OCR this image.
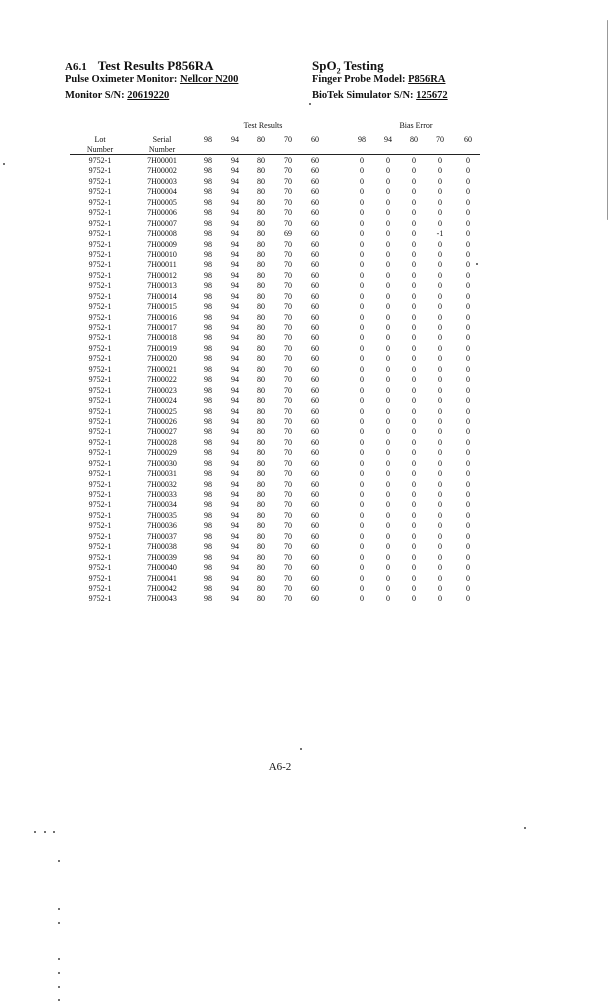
A6.1 Test Results P856RA	SpO$_2$ Testing
Pulse Oximeter Monitor: Nellcor N200	Finger Probe Model: P856RA
Monitor S/N: 20619220	BioTek Simulator S/N: 125672
Test Results	Bias Error
Lot
Number
Serial
Number
98	94	80	70	60	98	94	80	70	60
9752-1	7H00001	98	94	80	70	60	0	0	0	0	0
9752-1	7H00002	98	94	80	70	60	0	0	0	0	0
9752-1	7H00003	98	94	80	70	60	0	0	0	0	0
9752-1	7H00004	98	94	80	70	60	0	0	0	0	0
9752-1	7H00005	98	94	80	70	60	0	0	0	0	0
9752-1	7H00006	98	94	80	70	60	0	0	0	0	0
9752-1	7H00007	98	94	80	70	60	0	0	0	0	0
9752-1	7H00008	98	94	80	69	60	0	0	0	-1	0
9752-1	7H00009	98	94	80	70	60	0	0	0	0	0
9752-1	7H00010	98	94	80	70	60	0	0	0	0	0
9752-1	7H00011	98	94	80	70	60	0	0	0	0	0
9752-1	7H00012	98	94	80	70	60	0	0	0	0	0
9752-1	7H00013	98	94	80	70	60	0	0	0	0	0
9752-1	7H00014	98	94	80	70	60	0	0	0	0	0
9752-1	7H00015	98	94	80	70	60	0	0	0	0	0
9752-1	7H00016	98	94	80	70	60	0	0	0	0	0
9752-1	7H00017	98	94	80	70	60	0	0	0	0	0
9752-1	7H00018	98	94	80	70	60	0	0	0	0	0
9752-1	7H00019	98	94	80	70	60	0	0	0	0	0
9752-1	7H00020	98	94	80	70	60	0	0	0	0	0
9752-1	7H00021	98	94	80	70	60	0	0	0	0	0
9752-1	7H00022	98	94	80	70	60	0	0	0	0	0
9752-1	7H00023	98	94	80	70	60	0	0	0	0	0
9752-1	7H00024	98	94	80	70	60	0	0	0	0	0
9752-1	7H00025	98	94	80	70	60	0	0	0	0	0
9752-1	7H00026	98	94	80	70	60	0	0	0	0	0
9752-1	7H00027	98	94	80	70	60	0	0	0	0	0
9752-1	7H00028	98	94	80	70	60	0	0	0	0	0
9752-1	7H00029	98	94	80	70	60	0	0	0	0	0
9752-1	7H00030	98	94	80	70	60	0	0	0	0	0
9752-1	7H00031	98	94	80	70	60	0	0	0	0	0
9752-1	7H00032	98	94	80	70	60	0	0	0	0	0
9752-1	7H00033	98	94	80	70	60	0	0	0	0	0
9752-1	7H00034	98	94	80	70	60	0	0	0	0	0
9752-1	7H00035	98	94	80	70	60	0	0	0	0	0
9752-1	7H00036	98	94	80	70	60	0	0	0	0	0
9752-1	7H00037	98	94	80	70	60	0	0	0	0	0
9752-1	7H00038	98	94	80	70	60	0	0	0	0	0
9752-1	7H00039	98	94	80	70	60	0	0	0	0	0
9752-1	7H00040	98	94	80	70	60	0	0	0	0	0
9752-1	7H00041	98	94	80	70	60	0	0	0	0	0
9752-1	7H00042	98	94	80	70	60	0	0	0	0	0
9752-1	7H00043	98	94	80	70	60	0	0	0	0	0
A6-2
